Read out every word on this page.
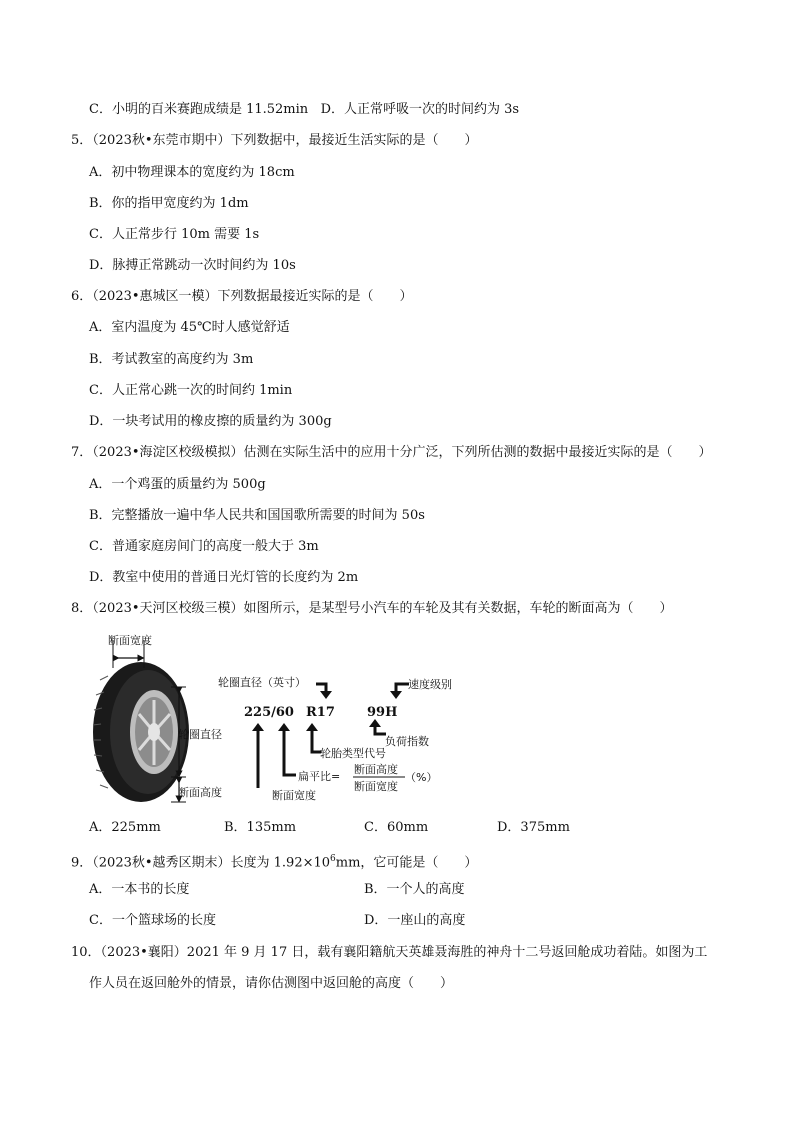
C．小明的百米赛跑成绩是 11.52min D．人正常呼吸一次的时间约为 3s
5．（2023秋•东莞市期中）下列数据中，最接近生活实际的是（　　）
A．初中物理课本的宽度约为 18cm
B．你的指甲宽度约为 1dm
C．人正常步行 10m 需要 1s
D．脉搏正常跳动一次时间约为 10s
6．（2023•惠城区一模）下列数据最接近实际的是（　　）
A．室内温度为 45℃时人感觉舒适
B．考试教室的高度约为 3m
C．人正常心跳一次的时间约 1min
D．一块考试用的橡皮擦的质量约为 300g
7．（2023•海淀区校级模拟）估测在实际生活中的应用十分广泛，下列所估测的数据中最接近实际的是（　　）
A．一个鸡蛋的质量约为 500g
B．完整播放一遍中华人民共和国国歌所需要的时间为 50s
C．普通家庭房间门的高度一般大于 3m
D．教室中使用的普通日光灯管的长度约为 2m
8．（2023•天河区校级三模）如图所示，是某型号小汽车的车轮及其有关数据，车轮的断面高为（　　）
断面宽度
轮圈直径
断面高度
轮圈直径（英寸）	速度级别
225/60 R17 99H
负荷指数
轮胎类型代号
扁平比=
断面高度
断面宽度
（%）
断面宽度
A．225mm	B．135mm	C．60mm	D．375mm
9．（2023秋•越秀区期末）长度为 $1.92\times 10^6mm$，它可能是（　　）
A．一本书的长度	B．一个人的高度
C．一个篮球场的长度	D．一座山的高度
10．（2023•襄阳）2021 年 9 月 17 日，载有襄阳籍航天英雄聂海胜的神舟十二号返回舱成功着陆。如图为工
作人员在返回舱外的情景，请你估测图中返回舱的高度（　　）
